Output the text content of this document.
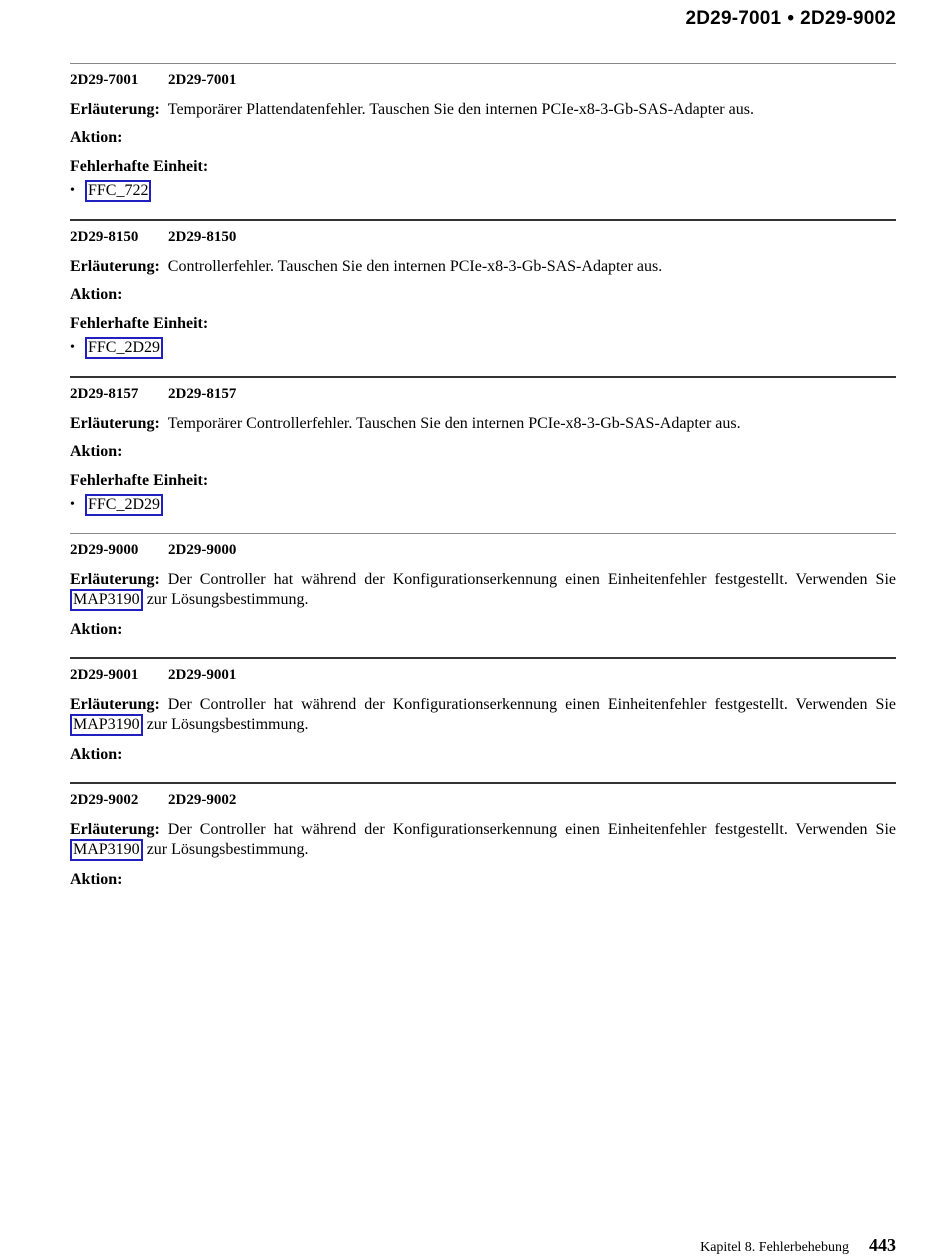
2D29-7001 • 2D29-9002
2D29-7001	2D29-7001
Erläuterung: Temporärer Plattendatenfehler. Tauschen Sie den internen PCIe-x8-3-Gb-SAS-Adapter aus.
Aktion:
Fehlerhafte Einheit:
• FFC_722
2D29-8150	2D29-8150
Erläuterung: Controllerfehler. Tauschen Sie den internen PCIe-x8-3-Gb-SAS-Adapter aus.
Aktion:
Fehlerhafte Einheit:
• FFC_2D29
2D29-8157	2D29-8157
Erläuterung: Temporärer Controllerfehler. Tauschen Sie den internen PCIe-x8-3-Gb-SAS-Adapter aus.
Aktion:
Fehlerhafte Einheit:
• FFC_2D29
2D29-9000	2D29-9000
Erläuterung: Der Controller hat während der Konfigurationserkennung einen Einheitenfehler festgestellt. Verwenden Sie MAP3190 zur Lösungsbestimmung.
Aktion:
2D29-9001	2D29-9001
Erläuterung: Der Controller hat während der Konfigurationserkennung einen Einheitenfehler festgestellt. Verwenden Sie MAP3190 zur Lösungsbestimmung.
Aktion:
2D29-9002	2D29-9002
Erläuterung: Der Controller hat während der Konfigurationserkennung einen Einheitenfehler festgestellt. Verwenden Sie MAP3190 zur Lösungsbestimmung.
Aktion:
Kapitel 8. Fehlerbehebung 443
